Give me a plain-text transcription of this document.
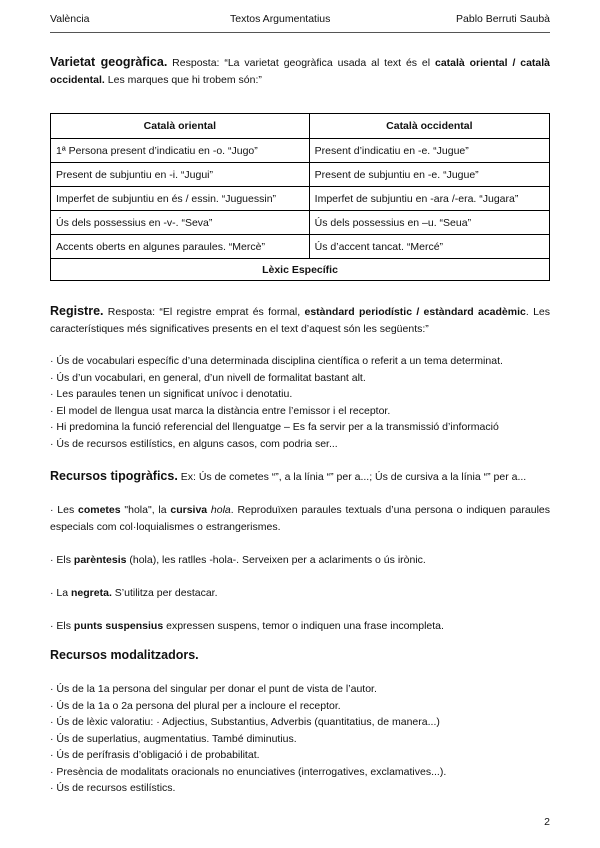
València	Textos Argumentatius	Pablo Berruti Saubà

Varietat geogràfica. Resposta: “La varietat geogràfica usada al text és el català oriental / català occidental. Les marques que hi trobem són:”

Català oriental	Català occidental
1ª Persona present d’indicatiu en -o. “Jugo”	Present d’indicatiu en -e. “Jugue”
Present de subjuntiu en -i. “Jugui”	Present de subjuntiu en -e. “Jugue”
Imperfet de subjuntiu en és / essin. “Juguessin”	Imperfet de subjuntiu en -ara /-era. “Jugara”
Ús dels possessius en -v-. “Seva”	Ús dels possessius en –u. “Seua”
Accents oberts en algunes paraules. “Mercè”	Ús d’accent tancat. “Mercé”
Lèxic Específic	

Registre. Resposta: “El registre emprat és formal, estàndard periodístic / estàndard acadèmic. Les característiques més significatives presents en el text d’aquest són les següents:”

· Ús de vocabulari específic d’una determinada disciplina científica o referit a un tema determinat.
· Ús d’un vocabulari, en general, d’un nivell de formalitat bastant alt.
· Les paraules tenen un significat unívoc i denotatiu.
· El model de llengua usat marca la distància entre l’emissor i el receptor.
· Hi predomina la funció referencial del llenguatge – Es fa servir per a la transmissió d’informació
· Ús de recursos estilístics, en alguns casos, com podria ser...

Recursos tipogràfics. Ex: Ús de cometes “”, a la línia “” per a...; Ús de cursiva a la línia “” per a...

· Les cometes "hola", la cursiva hola. Reproduïxen paraules textuals d’una persona o indiquen paraules especials com col·loquialismes o estrangerismes.

· Els parèntesis (hola), les ratlles -hola-. Serveixen per a aclariments o ús irònic.

· La negreta. S’utilitza per destacar.

· Els punts suspensius expressen suspens, temor o indiquen una frase incompleta.

Recursos modalitzadors.

· Ús de la 1a persona del singular per donar el punt de vista de l’autor.
· Ús de la 1a o 2a persona del plural per a incloure el receptor.
· Ús de lèxic valoratiu: · Adjectius, Substantius, Adverbis (quantitatius, de manera...)
· Ús de superlatius, augmentatius. També diminutius.
· Ús de perífrasis d’obligació i de probabilitat.
· Presència de modalitats oracionals no enunciatives (interrogatives, exclamatives...).
· Ús de recursos estilístics.
2
